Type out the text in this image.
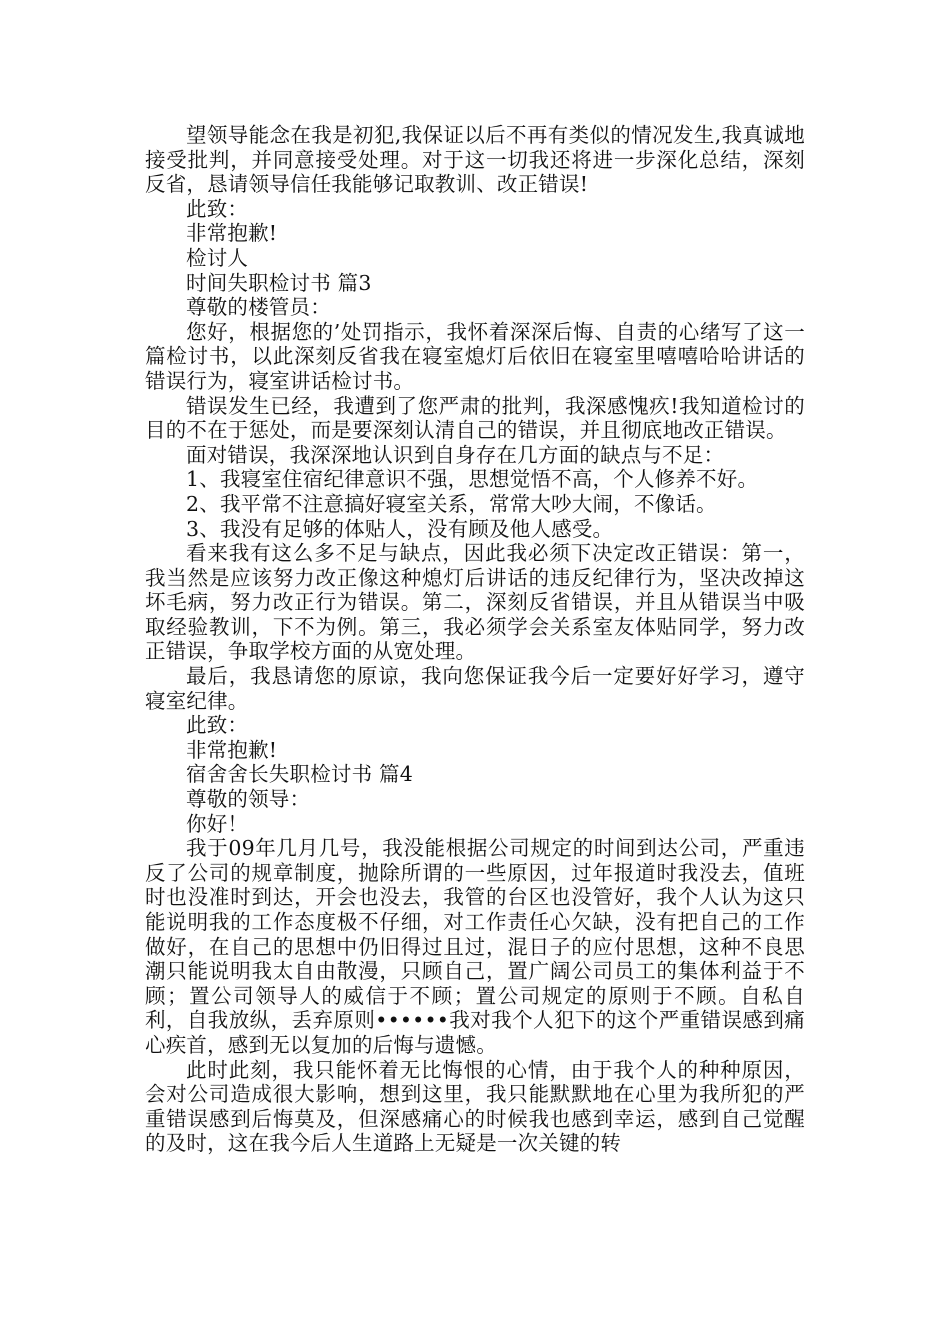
望领导能念在我是初犯,我保证以后不再有类似的情况发生,我真诚地接受批判，并同意接受处理。对于这一切我还将进一步深化总结，深刻反省，恳请领导信任我能够记取教训、改正错误!
此致：
非常抱歉!
检讨人
时间失职检讨书 篇3
尊敬的楼管员：
您好，根据您的’处罚指示，我怀着深深后悔、自责的心绪写了这一篇检讨书，以此深刻反省我在寝室熄灯后依旧在寝室里嘻嘻哈哈讲话的错误行为，寝室讲话检讨书。
错误发生已经，我遭到了您严肃的批判，我深感愧疚!我知道检讨的目的不在于惩处，而是要深刻认清自己的错误，并且彻底地改正错误。
面对错误，我深深地认识到自身存在几方面的缺点与不足：
1、我寝室住宿纪律意识不强，思想觉悟不高，个人修养不好。
2、我平常不注意搞好寝室关系，常常大吵大闹，不像话。
3、我没有足够的体贴人，没有顾及他人感受。
看来我有这么多不足与缺点，因此我必须下决定改正错误：第一，我当然是应该努力改正像这种熄灯后讲话的违反纪律行为，坚决改掉这坏毛病，努力改正行为错误。第二，深刻反省错误，并且从错误当中吸取经验教训，下不为例。第三，我必须学会关系室友体贴同学，努力改正错误，争取学校方面的从宽处理。
最后，我恳请您的原谅，我向您保证我今后一定要好好学习，遵守寝室纪律。
此致：
非常抱歉!
宿舍舍长失职检讨书 篇4
尊敬的领导：
你好！
我于09年几月几号，我没能根据公司规定的时间到达公司，严重违反了公司的规章制度，抛除所谓的一些原因，过年报道时我没去，值班时也没准时到达，开会也没去，我管的台区也没管好，我个人认为这只能说明我的工作态度极不仔细，对工作责任心欠缺，没有把自己的工作做好，在自己的思想中仍旧得过且过，混日子的应付思想，这种不良思潮只能说明我太自由散漫，只顾自己，置广阔公司员工的集体利益于不顾；置公司领导人的威信于不顾；置公司规定的原则于不顾。自私自利，自我放纵，丢弃原则••••••我对我个人犯下的这个严重错误感到痛心疾首，感到无以复加的后悔与遗憾。
此时此刻，我只能怀着无比悔恨的心情，由于我个人的种种原因，会对公司造成很大影响，想到这里，我只能默默地在心里为我所犯的严重错误感到后悔莫及，但深感痛心的时候我也感到幸运，感到自己觉醒的及时，这在我今后人生道路上无疑是一次关键的转
